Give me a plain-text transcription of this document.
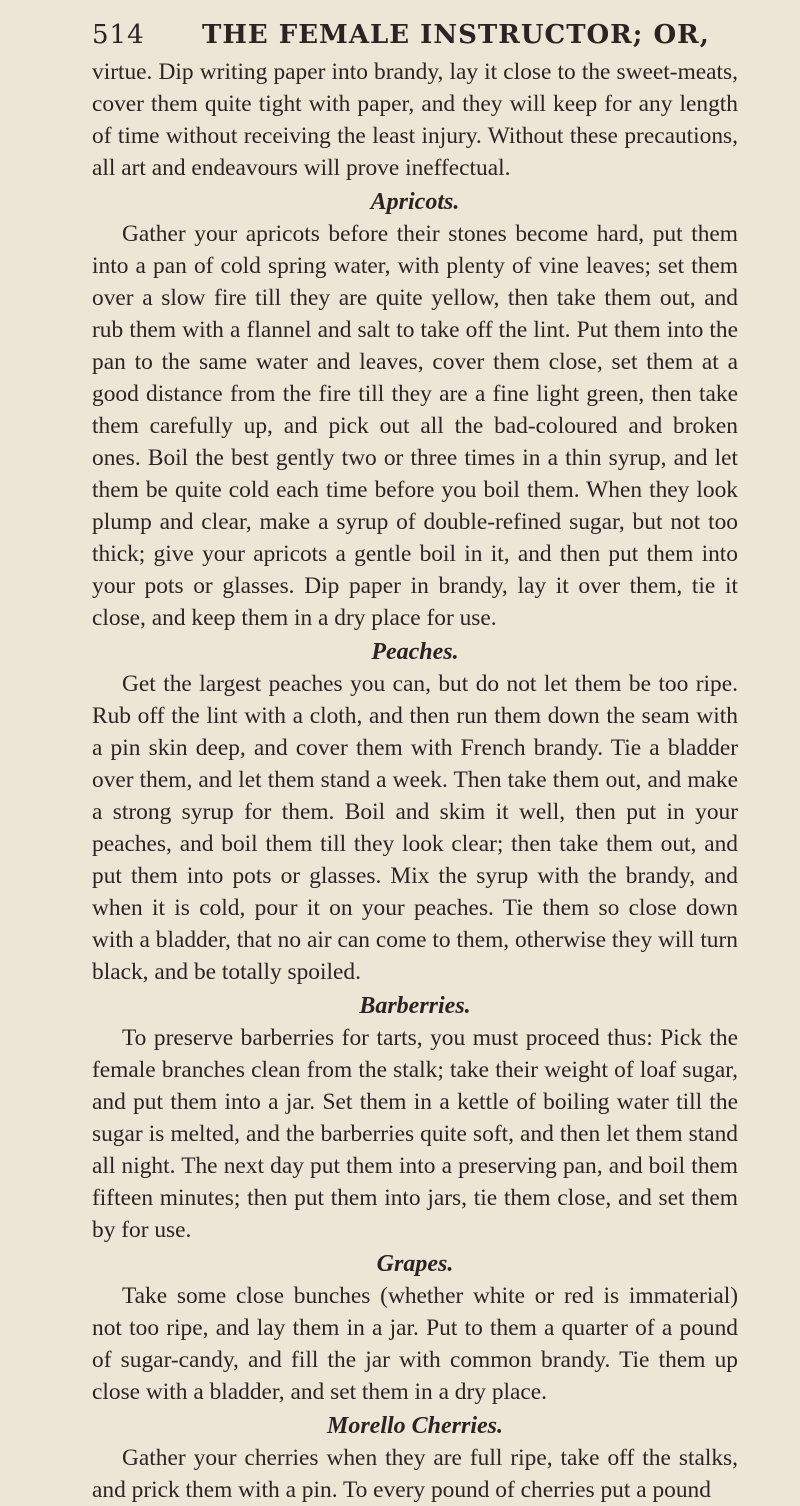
514	THE FEMALE INSTRUCTOR; OR,

virtue. Dip writing paper into brandy, lay it close to the sweet-meats, cover them quite tight with paper, and they will keep for any length of time without receiving the least injury. Without these precautions, all art and endeavours will prove ineffectual.

Apricots.

Gather your apricots before their stones become hard, put them into a pan of cold spring water, with plenty of vine leaves; set them over a slow fire till they are quite yellow, then take them out, and rub them with a flannel and salt to take off the lint. Put them into the pan to the same water and leaves, cover them close, set them at a good distance from the fire till they are a fine light green, then take them carefully up, and pick out all the bad-coloured and broken ones. Boil the best gently two or three times in a thin syrup, and let them be quite cold each time before you boil them. When they look plump and clear, make a syrup of double-refined sugar, but not too thick; give your apricots a gentle boil in it, and then put them into your pots or glasses. Dip paper in brandy, lay it over them, tie it close, and keep them in a dry place for use.

Peaches.

Get the largest peaches you can, but do not let them be too ripe. Rub off the lint with a cloth, and then run them down the seam with a pin skin deep, and cover them with French brandy. Tie a bladder over them, and let them stand a week. Then take them out, and make a strong syrup for them. Boil and skim it well, then put in your peaches, and boil them till they look clear; then take them out, and put them into pots or glasses. Mix the syrup with the brandy, and when it is cold, pour it on your peaches. Tie them so close down with a bladder, that no air can come to them, otherwise they will turn black, and be totally spoiled.

Barberries.

To preserve barberries for tarts, you must proceed thus: Pick the female branches clean from the stalk; take their weight of loaf sugar, and put them into a jar. Set them in a kettle of boiling water till the sugar is melted, and the barberries quite soft, and then let them stand all night. The next day put them into a preserving pan, and boil them fifteen minutes; then put them into jars, tie them close, and set them by for use.

Grapes.

Take some close bunches (whether white or red is immaterial) not too ripe, and lay them in a jar. Put to them a quarter of a pound of sugar-candy, and fill the jar with common brandy. Tie them up close with a bladder, and set them in a dry place.

Morello Cherries.

Gather your cherries when they are full ripe, take off the stalks, and prick them with a pin. To every pound of cherries put a pound
